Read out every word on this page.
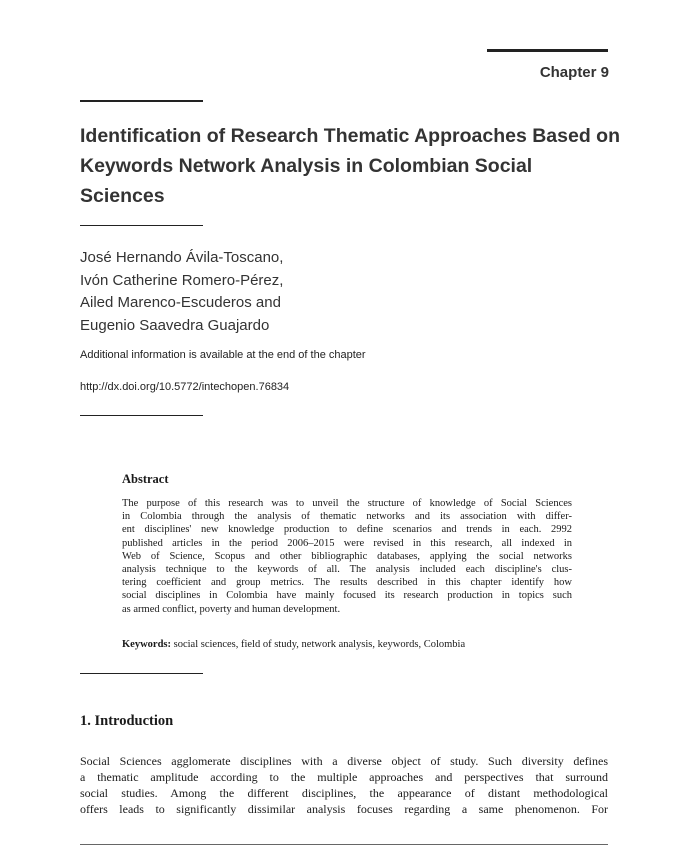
Chapter 9
Identification of Research Thematic Approaches Based on Keywords Network Analysis in Colombian Social Sciences
José Hernando Ávila-Toscano,
Ivón Catherine Romero-Pérez,
Ailed Marenco-Escuderos and
Eugenio Saavedra Guajardo
Additional information is available at the end of the chapter
http://dx.doi.org/10.5772/intechopen.76834
Abstract
The purpose of this research was to unveil the structure of knowledge of Social Sciences
in Colombia through the analysis of thematic networks and its association with differ-
ent disciplines' new knowledge production to define scenarios and trends in each. 2992
published articles in the period 2006–2015 were revised in this research, all indexed in
Web of Science, Scopus and other bibliographic databases, applying the social networks
analysis technique to the keywords of all. The analysis included each discipline's clus-
tering coefficient and group metrics. The results described in this chapter identify how
social disciplines in Colombia have mainly focused its research production in topics such
as armed conflict, poverty and human development.
Keywords: social sciences, field of study, network analysis, keywords, Colombia
1. Introduction
Social Sciences agglomerate disciplines with a diverse object of study. Such diversity defines
a thematic amplitude according to the multiple approaches and perspectives that surround
social studies. Among the different disciplines, the appearance of distant methodological
offers leads to significantly dissimilar analysis focuses regarding a same phenomenon. For
